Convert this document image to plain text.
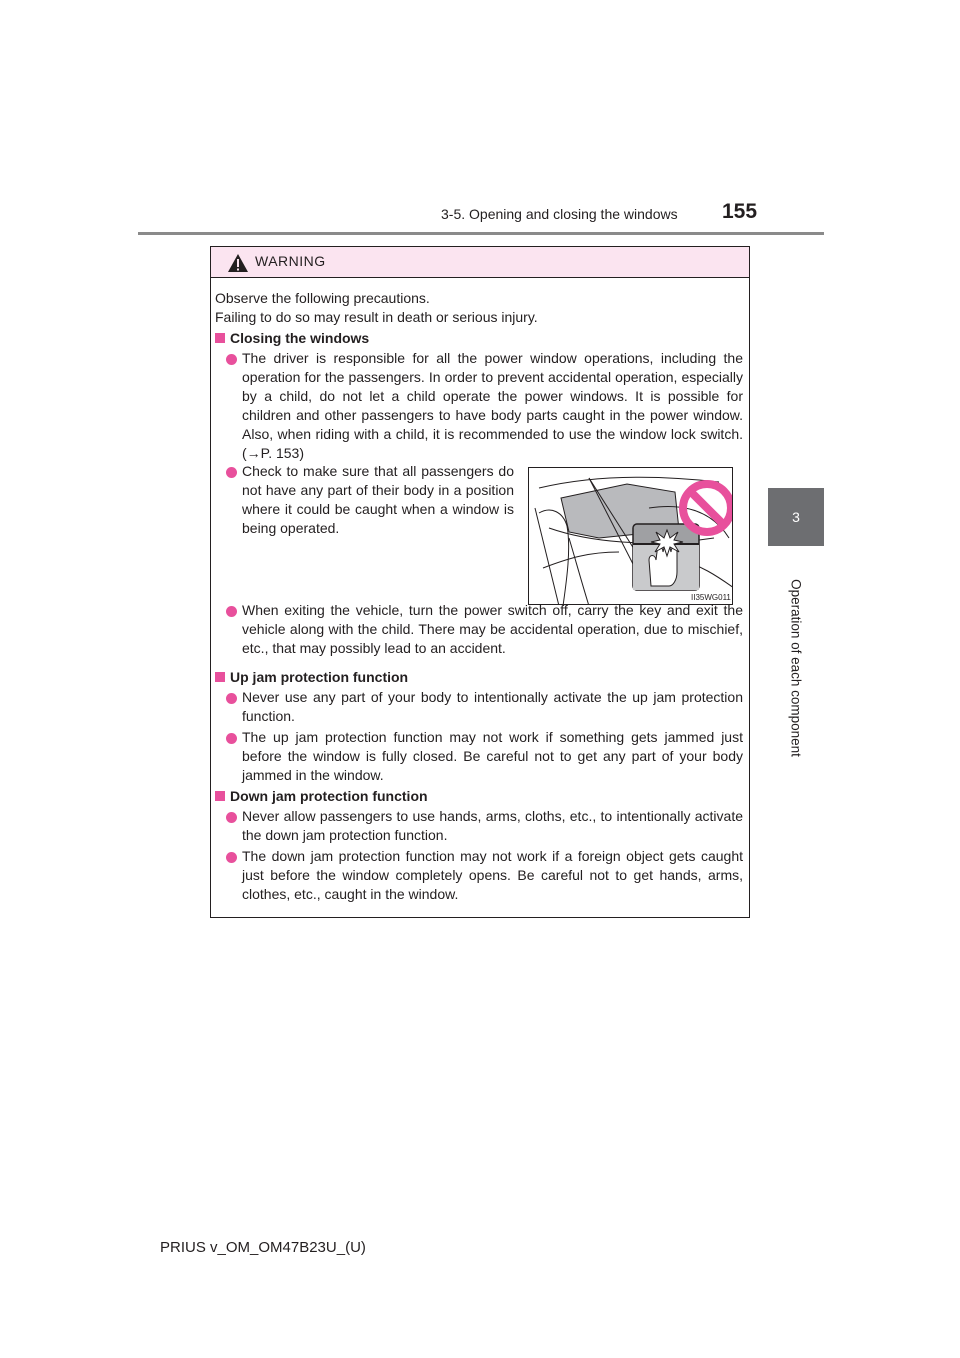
3-5. Opening and closing the windows 155
3
Operation of each component
WARNING
Observe the following precautions.
Failing to do so may result in death or serious injury.
Closing the windows
The driver is responsible for all the power window operations, including the operation for the passengers. In order to prevent accidental operation, especially by a child, do not let a child operate the power windows. It is possible for children and other passengers to have body parts caught in the power window. Also, when riding with a child, it is recommended to use the window lock switch. (→P. 153)
Check to make sure that all passengers do not have any part of their body in a position where it could be caught when a window is being operated.
II35WG011
When exiting the vehicle, turn the power switch off, carry the key and exit the vehicle along with the child. There may be accidental operation, due to mischief, etc., that may possibly lead to an accident.
Up jam protection function
Never use any part of your body to intentionally activate the up jam protection function.
The up jam protection function may not work if something gets jammed just before the window is fully closed. Be careful not to get any part of your body jammed in the window.
Down jam protection function
Never allow passengers to use hands, arms, cloths, etc., to intentionally activate the down jam protection function.
The down jam protection function may not work if a foreign object gets caught just before the window completely opens. Be careful not to get hands, arms, clothes, etc., caught in the window.
PRIUS v_OM_OM47B23U_(U)
